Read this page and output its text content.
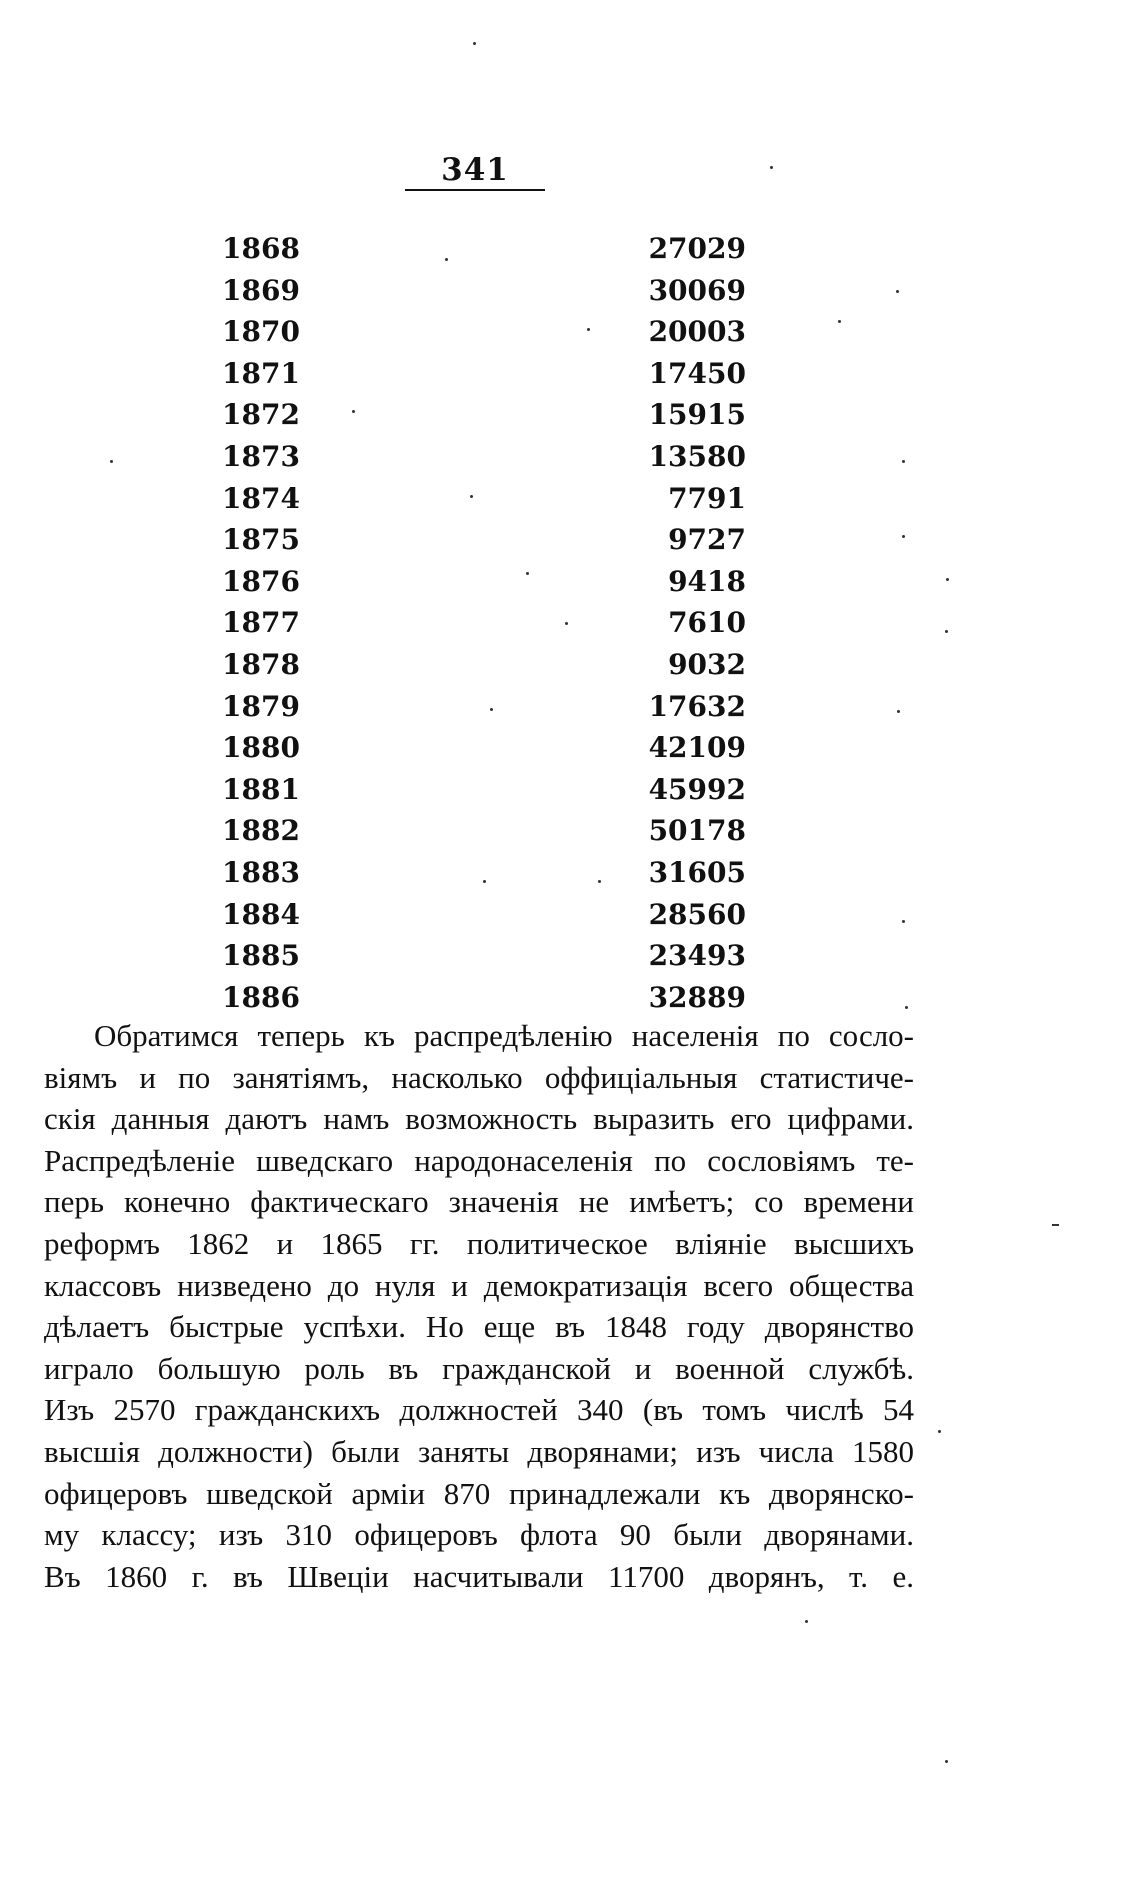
341
1868	27029
1869	30069
1870	20003
1871	17450
1872	15915
1873	13580
1874	7791
1875	9727
1876	9418
1877	7610
1878	9032
1879	17632
1880	42109
1881	45992
1882	50178
1883	31605
1884	28560
1885	23493
1886	32889
Обратимся теперь къ распредѣленію населенія по сосло-
віямъ и по занятіямъ, насколько оффиціальныя статистиче-
скія данныя даютъ намъ возможность выразить его цифрами.
Распредѣленіе шведскаго народонаселенія по сословіямъ те-
перь конечно фактическаго значенія не имѣетъ; со времени
реформъ 1862 и 1865 гг. политическое вліяніе высшихъ
классовъ низведено до нуля и демократизація всего общества
дѣлаетъ быстрые успѣхи. Но еще въ 1848 году дворянство
играло большую роль въ гражданской и военной службѣ.
Изъ 2570 гражданскихъ должностей 340 (въ томъ числѣ 54
высшія должности) были заняты дворянами; изъ числа 1580
офицеровъ шведской арміи 870 принадлежали къ дворянско-
му классу; изъ 310 офицеровъ флота 90 были дворянами.
Въ 1860 г. въ Швеціи насчитывали 11700 дворянъ, т. е.
